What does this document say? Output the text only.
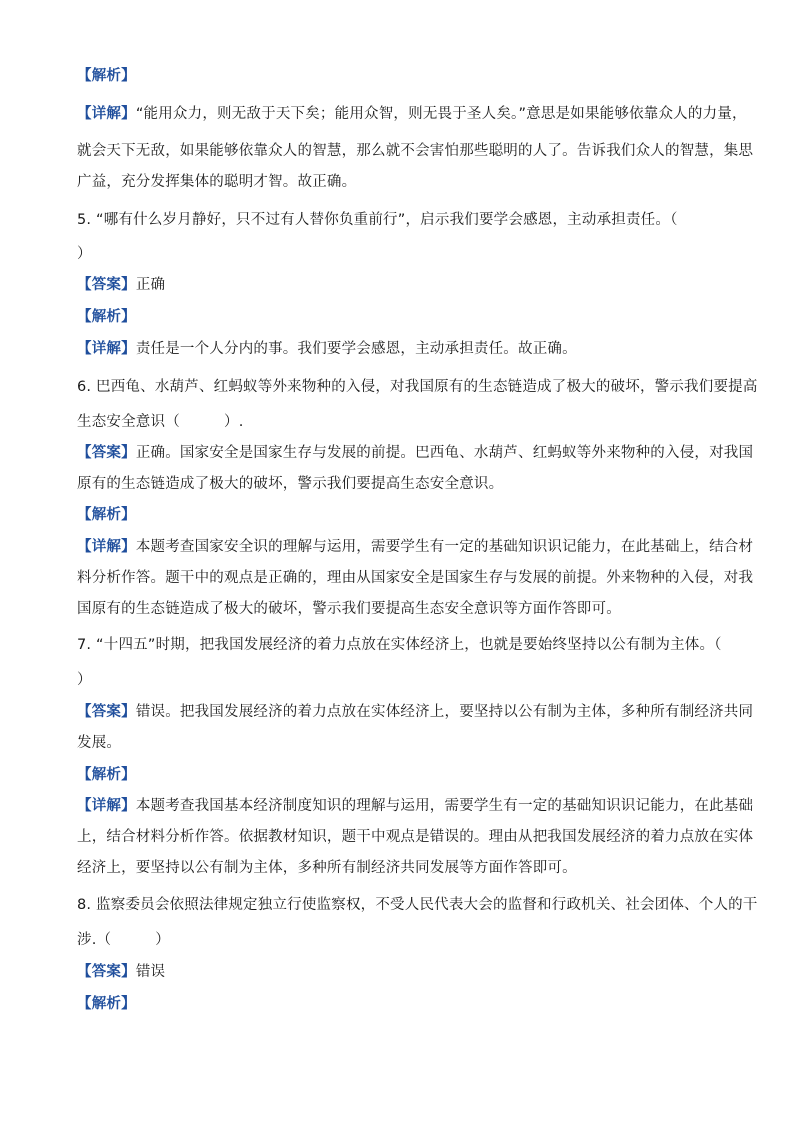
【解析】
【详解】“能用众力，则无敌于天下矣；能用众智，则无畏于圣人矣。”意思是如果能够依靠众人的力量，
就会天下无敌，如果能够依靠众人的智慧，那么就不会害怕那些聪明的人了。告诉我们众人的智慧，集思
广益，充分发挥集体的聪明才智。故正确。
5. “哪有什么岁月静好，只不过有人替你负重前行”，启示我们要学会感恩，主动承担责任。（
）
【答案】正确
【解析】
【详解】责任是一个人分内的事。我们要学会感恩，主动承担责任。故正确。
6. 巴西龟、水葫芦、红蚂蚁等外来物种的入侵，对我国原有的生态链造成了极大的破坏，警示我们要提高
生态安全意识（　　　）.
【答案】正确。国家安全是国家生存与发展的前提。巴西龟、水葫芦、红蚂蚁等外来物种的入侵，对我国
原有的生态链造成了极大的破坏，警示我们要提高生态安全意识。
【解析】
【详解】本题考查国家安全识的理解与运用，需要学生有一定的基础知识识记能力，在此基础上，结合材
料分析作答。题干中的观点是正确的，理由从国家安全是国家生存与发展的前提。外来物种的入侵，对我
国原有的生态链造成了极大的破坏，警示我们要提高生态安全意识等方面作答即可。
7. “十四五”时期，把我国发展经济的着力点放在实体经济上，也就是要始终坚持以公有制为主体。（
）
【答案】错误。把我国发展经济的着力点放在实体经济上，要坚持以公有制为主体，多种所有制经济共同
发展。
【解析】
【详解】本题考查我国基本经济制度知识的理解与运用，需要学生有一定的基础知识识记能力，在此基础
上，结合材料分析作答。依据教材知识，题干中观点是错误的。理由从把我国发展经济的着力点放在实体
经济上，要坚持以公有制为主体，多种所有制经济共同发展等方面作答即可。
8. 监察委员会依照法律规定独立行使监察权，不受人民代表大会的监督和行政机关、社会团体、个人的干
涉.（　　　）
【答案】错误
【解析】
